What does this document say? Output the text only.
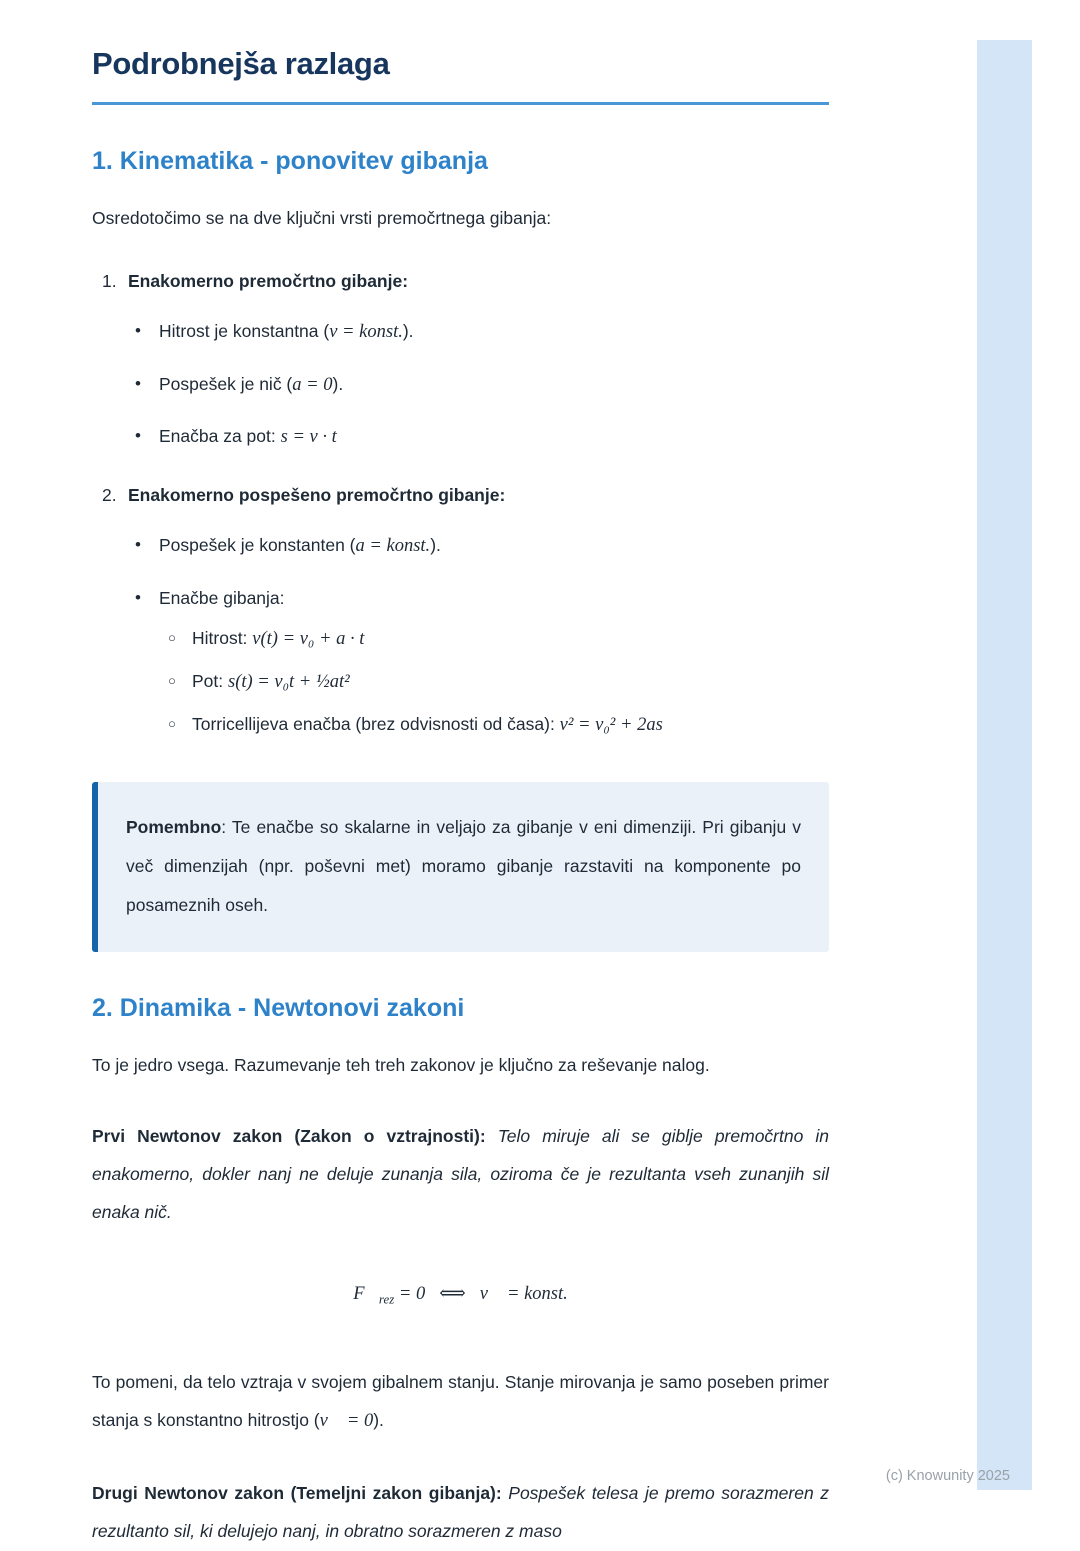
Podrobnejša razlaga
1. Kinematika - ponovitev gibanja

Osredotočimo se na dve ključni vrsti premočrtnega gibanja:

1. Enakomerno premočrtno gibanje:
•	Hitrost je konstantna (v = konst.).
•	Pospešek je nič (a = 0).
•	Enačba za pot: s = v · t
2. Enakomerno pospešeno premočrtno gibanje:
•	Pospešek je konstanten (a = konst.).
•	Enačbe gibanja:
○ Hitrost: v(t) = v₀ + a · t
○ Pot: s(t) = v₀t + ½at²
○ Torricellijeva enačba (brez odvisnosti od časa): v² = v₀² + 2as

Pomembno: Te enačbe so skalarne in veljajo za gibanje v eni dimenziji. Pri gibanju v več dimenzijah (npr. poševni met) moramo gibanje razstaviti na komponente po posameznih oseh.

2. Dinamika - Newtonovi zakoni

To je jedro vsega. Razumevanje teh treh zakonov je ključno za reševanje nalog.

Prvi Newtonov zakon (Zakon o vztrajnosti): Telo miruje ali se giblje premočrtno in enakomerno, dokler nanj ne deluje zunanja sila, oziroma če je rezultanta vseh zunanjih sil enaka nič.

$F⃗_{rez} = 0$ ⟺ v⃗ = konst.

To pomeni, da telo vztraja v svojem gibalnem stanju. Stanje mirovanja je samo poseben primer stanja s konstantno hitrostjo (v⃗ = 0).

Drugi Newtonov zakon (Temeljni zakon gibanja): Pospešek telesa je premo sorazmeren z rezultanto sil, ki delujejo nanj, in obratno sorazmeren z maso

(c) Knowunity 2025
